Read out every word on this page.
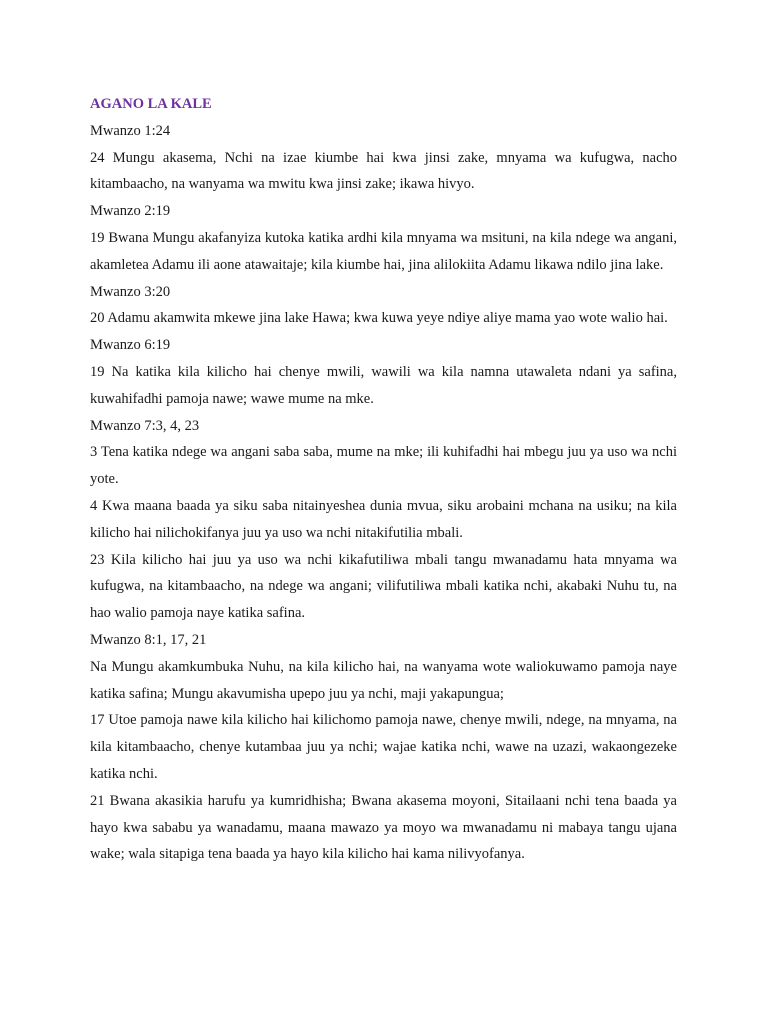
AGANO LA KALE

Mwanzo 1:24

24 Mungu akasema, Nchi na izae kiumbe hai kwa jinsi zake, mnyama wa kufugwa, nacho kitambaacho, na wanyama wa mwitu kwa jinsi zake; ikawa hivyo.

Mwanzo 2:19

19 Bwana Mungu akafanyiza kutoka katika ardhi kila mnyama wa msituni, na kila ndege wa angani, akamletea Adamu ili aone atawaitaje; kila kiumbe hai, jina alilokiita Adamu likawa ndilo jina lake.

Mwanzo 3:20

20 Adamu akamwita mkewe jina lake Hawa; kwa kuwa yeye ndiye aliye mama yao wote walio hai.

Mwanzo 6:19

19 Na katika kila kilicho hai chenye mwili, wawili wa kila namna utawaleta ndani ya safina, kuwahifadhi pamoja nawe; wawe mume na mke.

Mwanzo 7:3, 4, 23

3 Tena katika ndege wa angani saba saba, mume na mke; ili kuhifadhi hai mbegu juu ya uso wa nchi yote.

4 Kwa maana baada ya siku saba nitainyeshea dunia mvua, siku arobaini mchana na usiku; na kila kilicho hai nilichokifanya juu ya uso wa nchi nitakifutilia mbali.

23 Kila kilicho hai juu ya uso wa nchi kikafutiliwa mbali tangu mwanadamu hata mnyama wa kufugwa, na kitambaacho, na ndege wa angani; vilifutiliwa mbali katika nchi, akabaki Nuhu tu, na hao walio pamoja naye katika safina.

Mwanzo 8:1, 17, 21

Na Mungu akamkumbuka Nuhu, na kila kilicho hai, na wanyama wote waliokuwamo pamoja naye katika safina; Mungu akavumisha upepo juu ya nchi, maji yakapungua;

17 Utoe pamoja nawe kila kilicho hai kilichomo pamoja nawe, chenye mwili, ndege, na mnyama, na kila kitambaacho, chenye kutambaa juu ya nchi; wajae katika nchi, wawe na uzazi, wakaongezeke katika nchi.

21 Bwana akasikia harufu ya kumridhisha; Bwana akasema moyoni, Sitailaani nchi tena baada ya hayo kwa sababu ya wanadamu, maana mawazo ya moyo wa mwanadamu ni mabaya tangu ujana wake; wala sitapiga tena baada ya hayo kila kilicho hai kama nilivyofanya.
